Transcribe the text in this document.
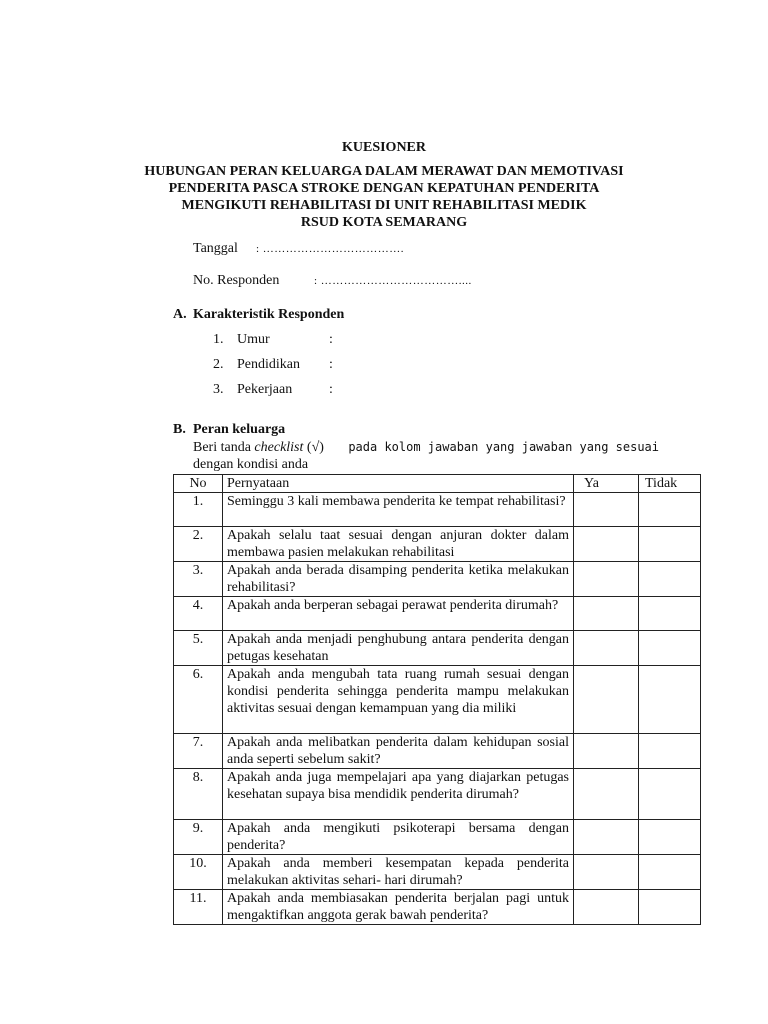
KUESIONER
HUBUNGAN PERAN KELUARGA DALAM MERAWAT DAN MEMOTIVASI
PENDERITA PASCA STROKE DENGAN KEPATUHAN PENDERITA
MENGIKUTI REHABILITASI DI UNIT REHABILITASI MEDIK
RSUD KOTA SEMARANG
Tanggal : ……………………………….
No. Responden	: ………………………………....
A. Karakteristik Responden
1. Umur	:
2. Pendidikan :
3. Pekerjaan	:
B. Peran keluarga
Beri tanda checklist (√) pada kolom jawaban yang jawaban yang sesuai
dengan kondisi anda
No	Pernyataan	Ya	Tidak
1.	Seminggu 3 kali membawa penderita ke tempat rehabilitasi?		
2.	Apakah selalu taat sesuai dengan anjuran dokter dalam membawa pasien melakukan rehabilitasi		
3.	Apakah anda berada disamping penderita ketika melakukan rehabilitasi?		
4.	Apakah anda berperan sebagai perawat penderita dirumah?		
5.	Apakah anda menjadi penghubung antara penderita dengan petugas kesehatan		
6.	Apakah anda mengubah tata ruang rumah sesuai dengan kondisi penderita sehingga penderita mampu melakukan aktivitas sesuai dengan kemampuan yang dia miliki		
7.	Apakah anda melibatkan penderita dalam kehidupan sosial anda seperti sebelum sakit?		
8.	Apakah anda juga mempelajari apa yang diajarkan petugas kesehatan supaya bisa mendidik penderita dirumah?		
9.	Apakah anda mengikuti psikoterapi bersama dengan penderita?		
10.	Apakah anda memberi kesempatan kepada penderita melakukan aktivitas sehari- hari dirumah?		
11.	Apakah anda membiasakan penderita berjalan pagi untuk mengaktifkan anggota gerak bawah penderita?		
